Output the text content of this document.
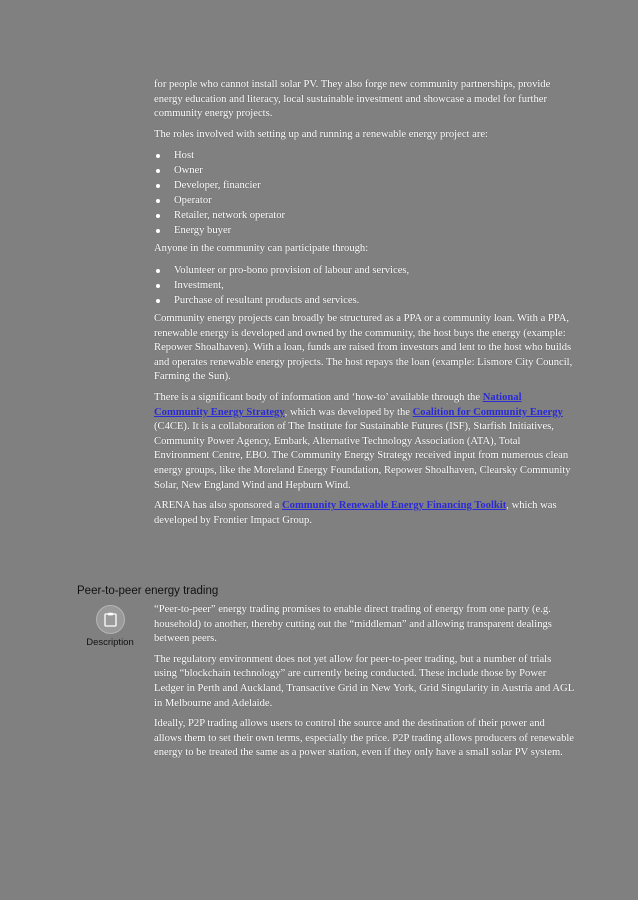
for people who cannot install solar PV. They also forge new community partnerships, provide energy education and literacy, local sustainable investment and showcase a model for further community energy projects.

The roles involved with setting up and running a renewable energy project are:

Host
Owner
Developer, financier
Operator
Retailer, network operator
Energy buyer

Anyone in the community can participate through:

Volunteer or pro-bono provision of labour and services,
Investment,
Purchase of resultant products and services.

Community energy projects can broadly be structured as a PPA or a community loan. With a PPA, renewable energy is developed and owned by the community, the host buys the energy (example: Repower Shoalhaven). With a loan, funds are raised from investors and lent to the host who builds and operates renewable energy projects. The host repays the loan (example: Lismore City Council, Farming the Sun).

There is a significant body of information and ‘how-to’ available through the National Community Energy Strategy, which was developed by the Coalition for Community Energy (C4CE). It is a collaboration of The Institute for Sustainable Futures (ISF), Starfish Initiatives, Community Power Agency, Embark, Alternative Technology Association (ATA), Total Environment Centre, EBO. The Community Energy Strategy received input from numerous clean energy groups, like the Moreland Energy Foundation, Repower Shoalhaven, Clearsky Community Solar, New England Wind and Hepburn Wind.

ARENA has also sponsored a Community Renewable Energy Financing Toolkit, which was developed by Frontier Impact Group.

Peer-to-peer energy trading
Description

“Peer-to-peer” energy trading promises to enable direct trading of energy from one party (e.g. household) to another, thereby cutting out the “middleman” and allowing transparent dealings between peers.

The regulatory environment does not yet allow for peer-to-peer trading, but a number of trials using “blockchain technology” are currently being conducted. These include those by Power Ledger in Perth and Auckland, Transactive Grid in New York, Grid Singularity in Austria and AGL in Melbourne and Adelaide.

Ideally, P2P trading allows users to control the source and the destination of their power and allows them to set their own terms, especially the price. P2P trading allows producers of renewable energy to be treated the same as a power station, even if they only have a small solar PV system.
